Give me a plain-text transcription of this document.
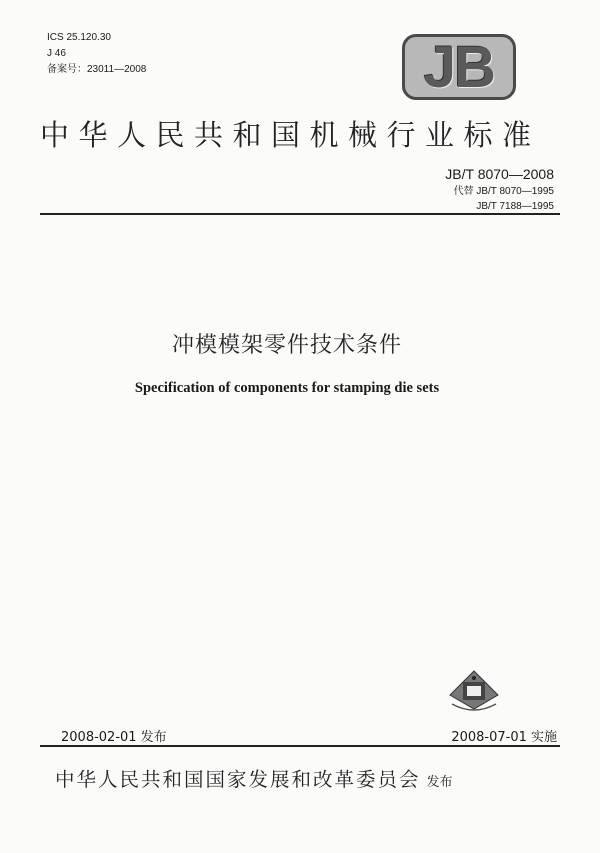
ICS 25.120.30
J 46
备案号：23011—2008	JB
中华人民共和国机械行业标准
JB/T 8070—2008
代替 JB/T 8070—1995
JB/T 7188—1995
冲模模架零件技术条件
Specification of components for stamping die sets
2008-02-01 发布	2008-07-01 实施
中华人民共和国国家发展和改革委员会 发布
